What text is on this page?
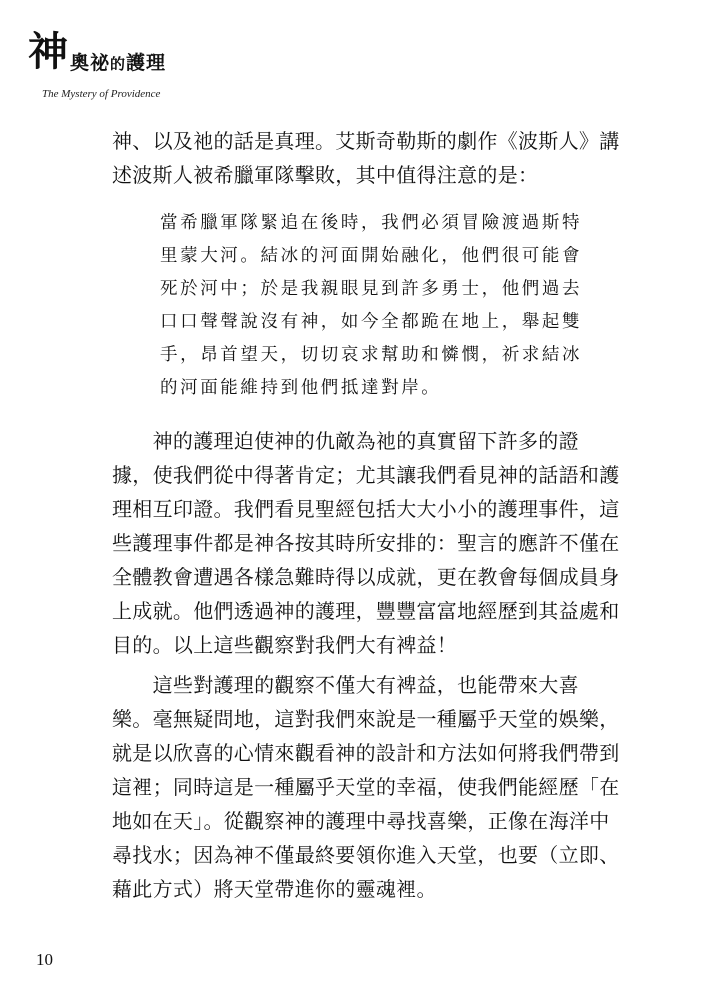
神 奧祕的護理
The Mystery of Providence
神、以及祂的話是真理。艾斯奇勒斯的劇作《波斯人》講
述波斯人被希臘軍隊擊敗，其中值得注意的是：
當希臘軍隊緊追在後時，我們必須冒險渡過斯特
里蒙大河。結冰的河面開始融化，他們很可能會
死於河中；於是我親眼見到許多勇士，他們過去
口口聲聲說沒有神，如今全都跪在地上，舉起雙
手，昂首望天，切切哀求幫助和憐憫，祈求結冰
的河面能維持到他們抵達對岸。
　　神的護理迫使神的仇敵為祂的真實留下許多的證
據，使我們從中得著肯定；尤其讓我們看見神的話語和護
理相互印證。我們看見聖經包括大大小小的護理事件，這
些護理事件都是神各按其時所安排的：聖言的應許不僅在
全體教會遭遇各樣急難時得以成就，更在教會每個成員身
上成就。他們透過神的護理，豐豐富富地經歷到其益處和
目的。以上這些觀察對我們大有裨益！
　　這些對護理的觀察不僅大有裨益，也能帶來大喜
樂。毫無疑問地，這對我們來說是一種屬乎天堂的娛樂，
就是以欣喜的心情來觀看神的設計和方法如何將我們帶到
這裡；同時這是一種屬乎天堂的幸福，使我們能經歷「在
地如在天」。從觀察神的護理中尋找喜樂，正像在海洋中
尋找水；因為神不僅最終要領你進入天堂，也要（立即、
藉此方式）將天堂帶進你的靈魂裡。
10
